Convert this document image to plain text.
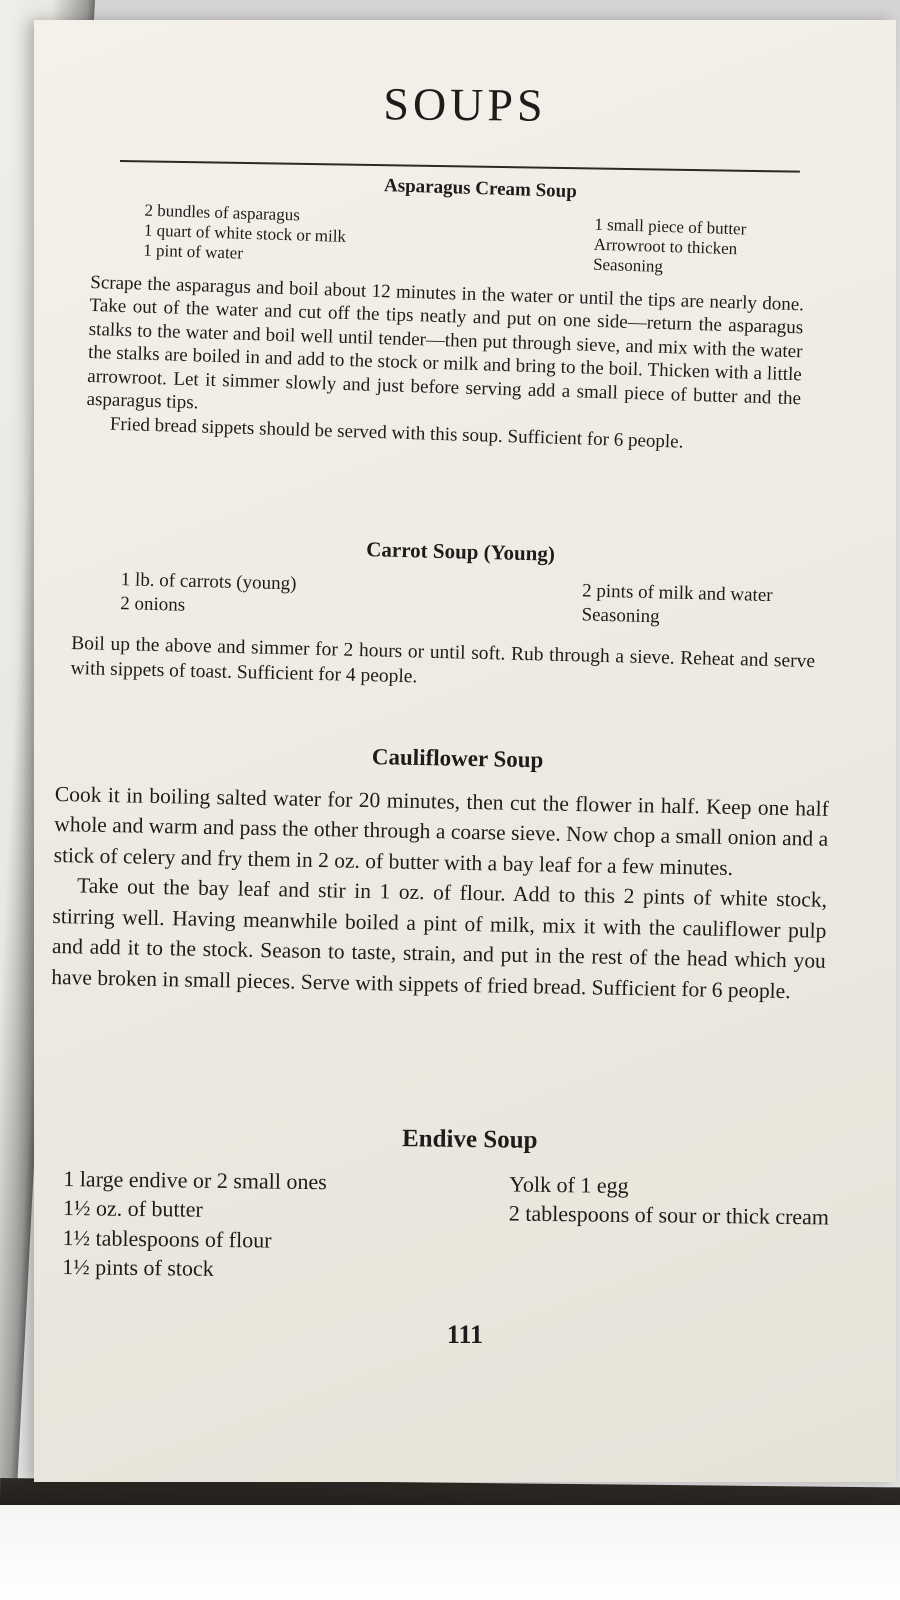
SOUPS
Asparagus Cream Soup
2 bundles of asparagus
1 quart of white stock or milk
1 pint of water
1 small piece of butter
Arrowroot to thicken
Seasoning

Scrape the asparagus and boil about 12 minutes in the water or until the tips are nearly done. Take out of the water and cut off the tips neatly and put on one side—return the asparagus stalks to the water and boil well until tender—then put through sieve, and mix with the water the stalks are boiled in and add to the stock or milk and bring to the boil. Thicken with a little arrowroot. Let it simmer slowly and just before serving add a small piece of butter and the asparagus tips.

Fried bread sippets should be served with this soup. Sufficient for 6 people.

Carrot Soup (Young)
1 lb. of carrots (young)
2 onions	2 pints of milk and water
Seasoning

Boil up the above and simmer for 2 hours or until soft. Rub through a sieve. Reheat and serve with sippets of toast. Sufficient for 4 people.

Cauliflower Soup

Cook it in boiling salted water for 20 minutes, then cut the flower in half. Keep one half whole and warm and pass the other through a coarse sieve. Now chop a small onion and a stick of celery and fry them in 2 oz. of butter with a bay leaf for a few minutes.

Take out the bay leaf and stir in 1 oz. of flour. Add to this 2 pints of white stock, stirring well. Having meanwhile boiled a pint of milk, mix it with the cauliflower pulp and add it to the stock. Season to taste, strain, and put in the rest of the head which you have broken in small pieces. Serve with sippets of fried bread. Sufficient for 6 people.

Endive Soup
1 large endive or 2 small ones
1½ oz. of butter
1½ tablespoons of flour
1½ pints of stock
Yolk of 1 egg
2 tablespoons of sour or thick cream
111
